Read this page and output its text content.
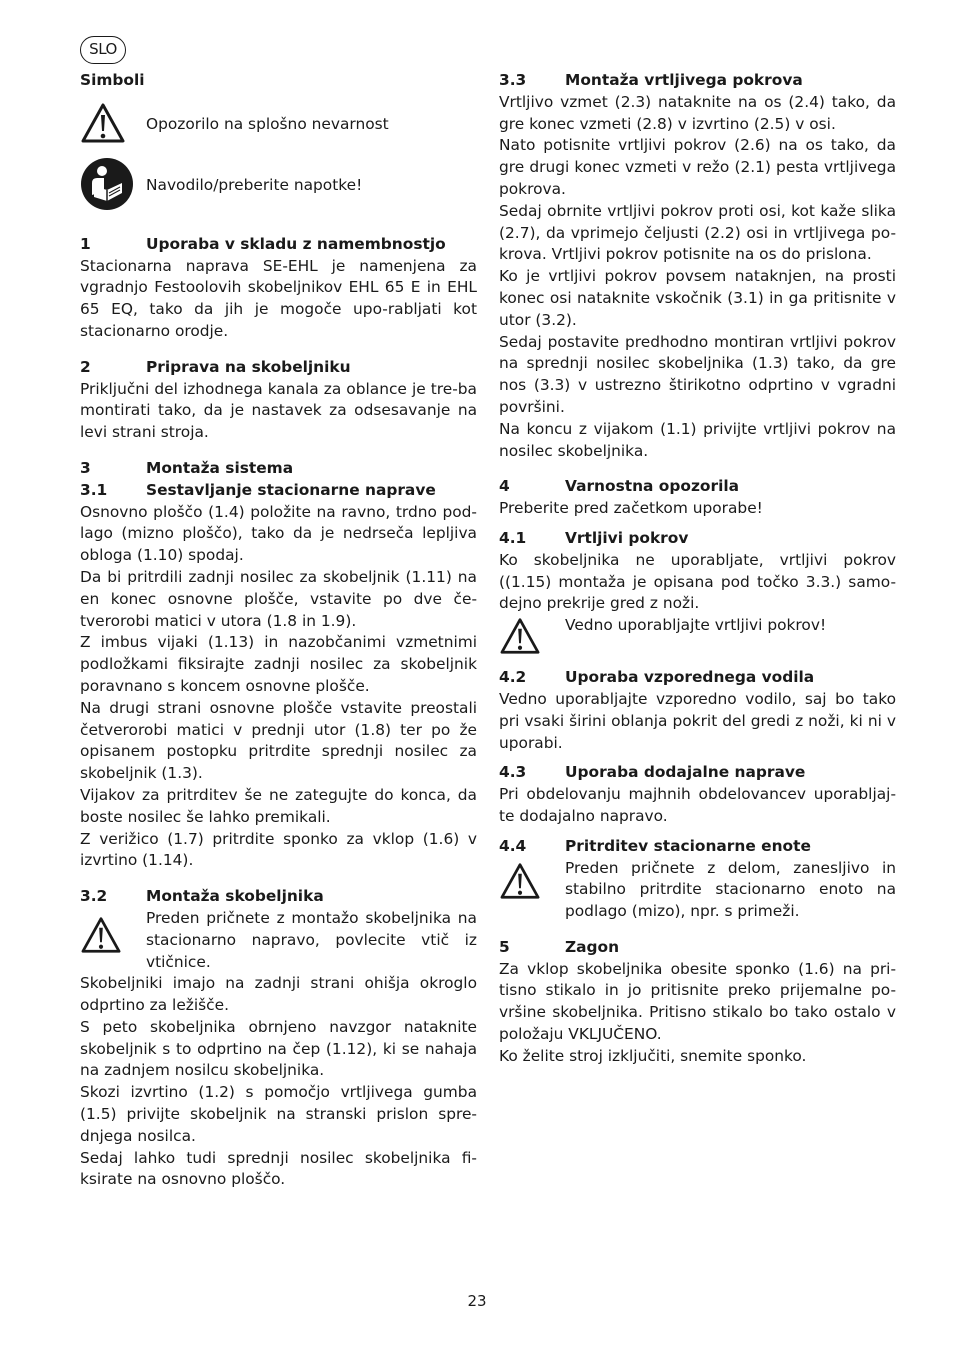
SLO
Simboli

Opozorilo na splošno nevarnost

Navodilo/preberite napotke!

1	Uporaba v skladu z namembnostjo

Stacionarna naprava SE-EHL je namenjena za vgradnjo Festoolovih skobeljnikov EHL 65 E in EHL 65 EQ, tako da jih je mogoče upo-rabljati kot stacionarno orodje.

2	Priprava na skobeljniku

Priključni del izhodnega kanala za oblance je tre-ba montirati tako, da je nastavek za odsesavanje na levi strani stroja.

3	Montaža sistema
3.1	Sestavljanje stacionarne naprave

Osnovno ploščo (1.4) položite na ravno, trdno pod-lago (mizno ploščo), tako da je nedrseča lepljiva obloga (1.10) spodaj.

Da bi pritrdili zadnji nosilec za skobeljnik (1.11) na en konec osnovne plošče, vstavite po dve če-tverorobi matici v utora (1.8 in 1.9).

Z imbus vijaki (1.13) in nazobčanimi vzmetnimi podložkami fiksirajte zadnji nosilec za skobeljnik poravnano s koncem osnovne plošče.

Na drugi strani osnovne plošče vstavite preostali četverorobi matici v prednji utor (1.8) ter po že opisanem postopku pritrdite sprednji nosilec za skobeljnik (1.3).

Vijakov za pritrditev še ne zategujte do konca, da boste nosilec še lahko premikali.

Z verižico (1.7) pritrdite sponko za vklop (1.6) v izvrtino (1.14).

3.2	Montaža skobeljnika

Preden pričnete z montažo skobeljnika na stacionarno napravo, povlecite vtič iz vtičnice.

Skobeljniki imajo na zadnji strani ohišja okroglo odprtino za ležišče.

S peto skobeljnika obrnjeno navzgor nataknite skobeljnik s to odprtino na čep (1.12), ki se nahaja na zadnjem nosilcu skobeljnika.

Skozi izvrtino (1.2) s pomočjo vrtljivega gumba (1.5) privijte skobeljnik na stranski prislon spre-dnjega nosilca.

Sedaj lahko tudi sprednji nosilec skobeljnika fi-ksirate na osnovno ploščo.

3.3	Montaža vrtljivega pokrova

Vrtljivo vzmet (2.3) nataknite na os (2.4) tako, da gre konec vzmeti (2.8) v izvrtino (2.5) v osi.

Nato potisnite vrtljivi pokrov (2.6) na os tako, da gre drugi konec vzmeti v režo (2.1) pesta vrtljivega pokrova.

Sedaj obrnite vrtljivi pokrov proti osi, kot kaže slika (2.7), da vprimejo čeljusti (2.2) osi in vrtljivega po-krova. Vrtljivi pokrov potisnite na os do prislona.

Ko je vrtljivi pokrov povsem nataknjen, na prosti konec osi nataknite vskočnik (3.1) in ga pritisnite v utor (3.2).

Sedaj postavite predhodno montiran vrtljivi pokrov na sprednji nosilec skobeljnika (1.3) tako, da gre nos (3.3) v ustrezno štirikotno odprtino v vgradni površini.

Na koncu z vijakom (1.1) privijte vrtljivi pokrov na nosilec skobeljnika.

4	Varnostna opozorila

Preberite pred začetkom uporabe!

4.1	Vrtljivi pokrov

Ko skobeljnika ne uporabljate, vrtljivi pokrov ((1.15) montaža je opisana pod točko 3.3.) samo-dejno prekrije gred z noži.

Vedno uporabljajte vrtljivi pokrov!

4.2	Uporaba vzporednega vodila

Vedno uporabljajte vzporedno vodilo, saj bo tako pri vsaki širini oblanja pokrit del gredi z noži, ki ni v uporabi.

4.3	Uporaba dodajalne naprave

Pri obdelovanju majhnih obdelovancev uporabljaj-te dodajalno napravo.

4.4	Pritrditev stacionarne enote

Preden pričnete z delom, zanesljivo in stabilno pritrdite stacionarno enoto na podlago (mizo), npr. s primeži.

5	Zagon

Za vklop skobeljnika obesite sponko (1.6) na pri-tisno stikalo in jo pritisnite preko prijemalne po-vršine skobeljnika. Pritisno stikalo bo tako ostalo v položaju VKLJUČENO.

Ko želite stroj izključiti, snemite sponko.

23
